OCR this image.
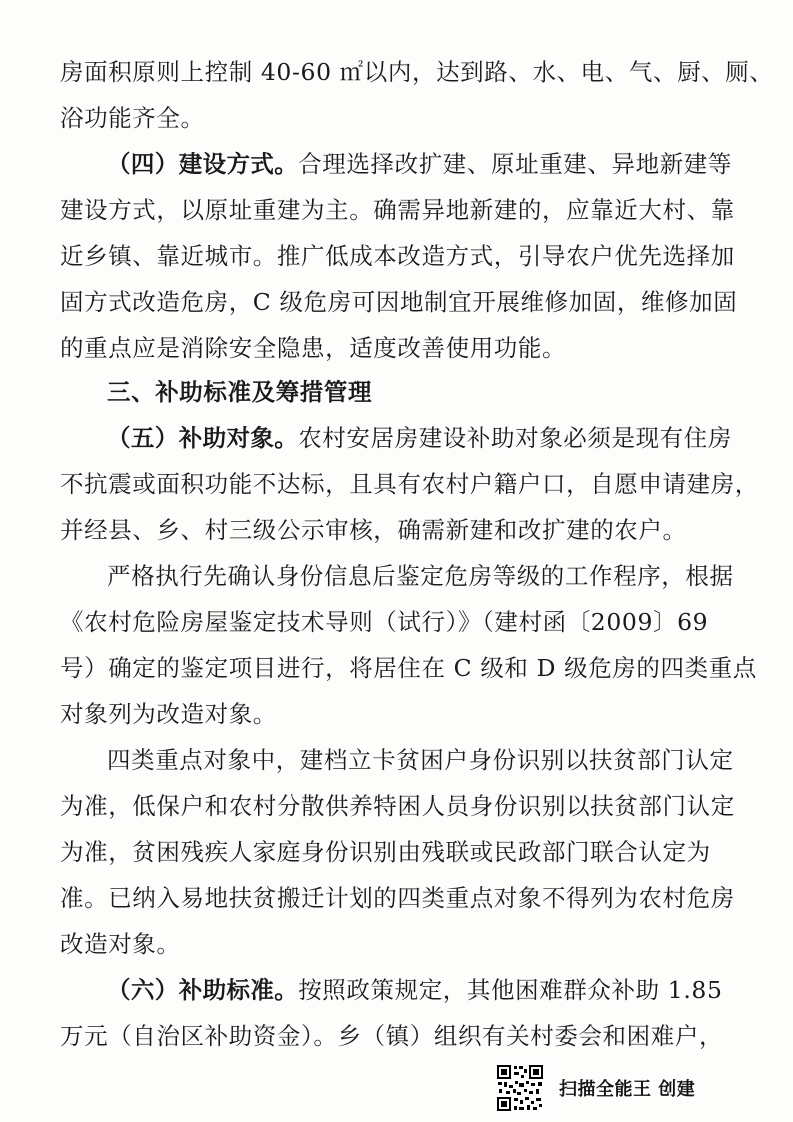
房面积原则上控制 40-60 ㎡以内，达到路、水、电、气、厨、厕、
浴功能齐全。
（四）建设方式。合理选择改扩建、原址重建、异地新建等
建设方式，以原址重建为主。确需异地新建的，应靠近大村、靠
近乡镇、靠近城市。推广低成本改造方式，引导农户优先选择加
固方式改造危房，C 级危房可因地制宜开展维修加固，维修加固
的重点应是消除安全隐患，适度改善使用功能。
三、补助标准及筹措管理
（五）补助对象。农村安居房建设补助对象必须是现有住房
不抗震或面积功能不达标，且具有农村户籍户口，自愿申请建房，
并经县、乡、村三级公示审核，确需新建和改扩建的农户。
严格执行先确认身份信息后鉴定危房等级的工作程序，根据
《农村危险房屋鉴定技术导则（试行）》（建村函〔2009〕69
号）确定的鉴定项目进行，将居住在 C 级和 D 级危房的四类重点
对象列为改造对象。
四类重点对象中，建档立卡贫困户身份识别以扶贫部门认定
为准，低保户和农村分散供养特困人员身份识别以扶贫部门认定
为准，贫困残疾人家庭身份识别由残联或民政部门联合认定为
准。已纳入易地扶贫搬迁计划的四类重点对象不得列为农村危房
改造对象。
（六）补助标准。按照政策规定，其他困难群众补助 1.85
万元（自治区补助资金）。乡（镇）组织有关村委会和困难户，
扫描全能王 创建
